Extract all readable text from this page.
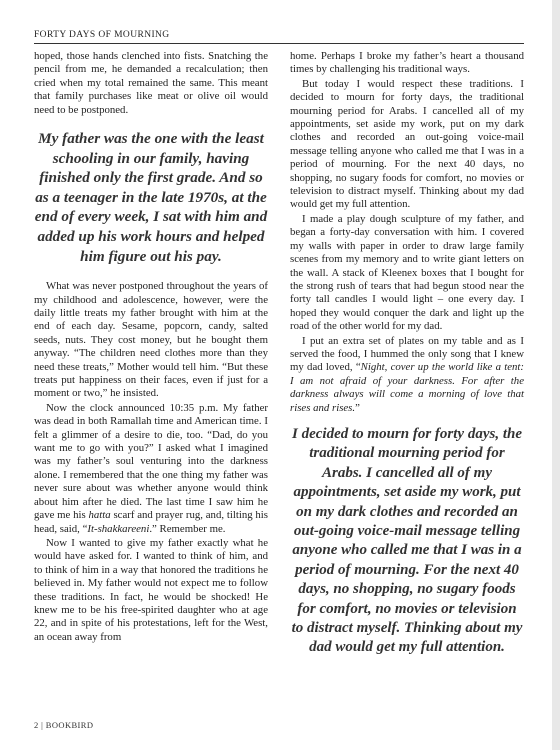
FORTY DAYS OF MOURNING

hoped, those hands clenched into fists. Snatching the pencil from me, he demanded a recalculation; then cried when my total remained the same. This meant that family purchases like meat or olive oil would need to be postponed.

My father was the one with the least schooling in our family, having finished only the first grade. And so as a teenager in the late 1970s, at the end of every week, I sat with him and added up his work hours and helped him figure out his pay.

What was never postponed throughout the years of my childhood and adolescence, however, were the daily little treats my father brought with him at the end of each day. Sesame, popcorn, candy, salted seeds, nuts. They cost money, but he bought them anyway. “The children need clothes more than they need these treats,” Mother would tell him. “But these treats put happiness on their faces, even if just for a moment or two,” he insisted.

Now the clock announced 10:35 p.m. My father was dead in both Ramallah time and American time. I felt a glimmer of a desire to die, too. “Dad, do you want me to go with you?” I asked what I imagined was my father’s soul venturing into the darkness alone. I remembered that the one thing my father was never sure about was whether anyone would think about him after he died. The last time I saw him he gave me his hatta scarf and prayer rug, and, tilting his head, said, “It-shakkareeni.” Remember me.

Now I wanted to give my father exactly what he would have asked for. I wanted to think of him, and to think of him in a way that honored the traditions he believed in. My father would not expect me to follow these traditions. In fact, he would be shocked! He knew me to be his free-spirited daughter who at age 22, and in spite of his protestations, left for the West, an ocean away from

home. Perhaps I broke my father’s heart a thousand times by challenging his traditional ways.

But today I would respect these traditions. I decided to mourn for forty days, the traditional mourning period for Arabs. I cancelled all of my appointments, set aside my work, put on my dark clothes and recorded an out-going voice-mail message telling anyone who called me that I was in a period of mourning. For the next 40 days, no shopping, no sugary foods for comfort, no movies or television to distract myself. Thinking about my dad would get my full attention.

I made a play dough sculpture of my father, and began a forty-day conversation with him. I covered my walls with paper in order to draw large family scenes from my memory and to write giant letters on the wall. A stack of Kleenex boxes that I bought for the strong rush of tears that had begun stood near the forty tall candles I would light – one every day. I hoped they would conquer the dark and light up the road of the other world for my dad.

I put an extra set of plates on my table and as I served the food, I hummed the only song that I knew my dad loved, “Night, cover up the world like a tent: I am not afraid of your darkness. For after the darkness always will come a morning of love that rises and rises.”

I decided to mourn for forty days, the traditional mourning period for Arabs. I cancelled all of my appointments, set aside my work, put on my dark clothes and recorded an out-going voice-mail message telling anyone who called me that I was in a period of mourning. For the next 40 days, no shopping, no sugary foods for comfort, no movies or television to distract myself. Thinking about my dad would get my full attention.
2 | BOOKBIRD
